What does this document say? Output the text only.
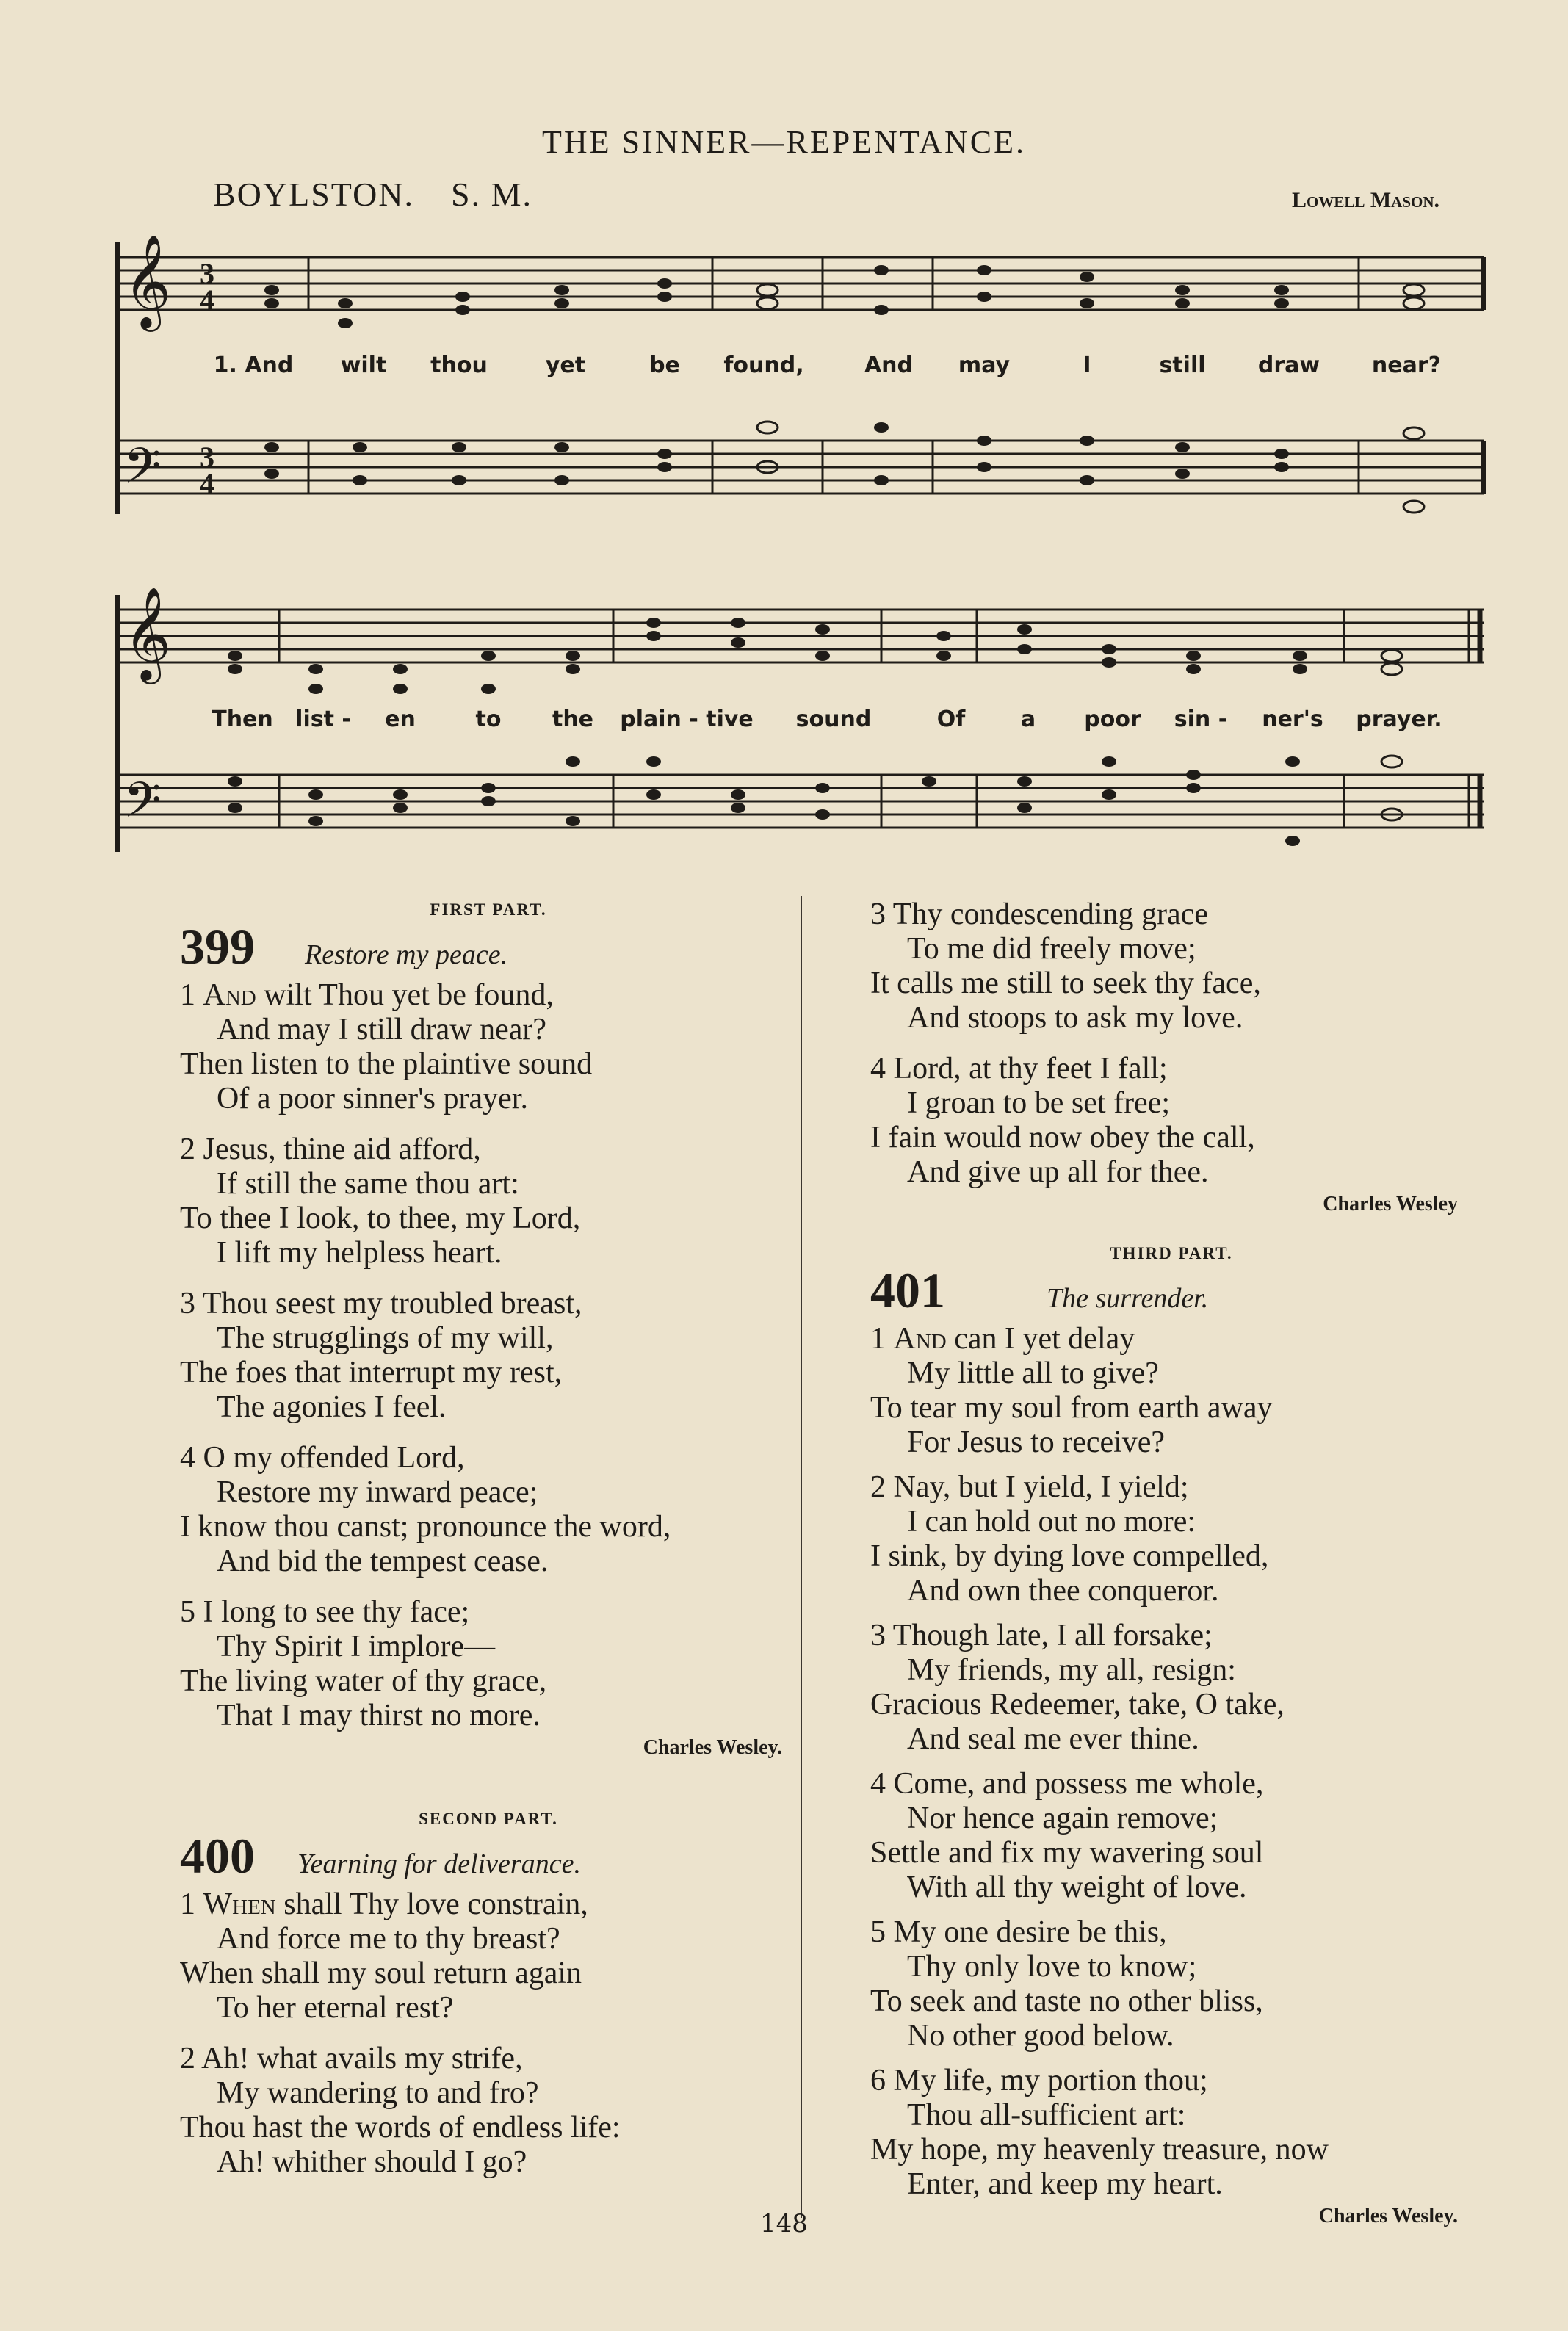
THE SINNER—REPENTANCE.
BOYLSTON. S. M.	Lowell Mason.
𝄞
𝄢
𝄞
𝄢
3
4
3
4
1. And wilt thou	yet	be found,	And may	I	still draw near?
Then list - en	to the plain - tive sound	Of	a poor sin - ner's prayer.
FIRST PART.
399	Restore my peace.
1 And wilt Thou yet be found,
And may I still draw near?
Then listen to the plaintive sound
Of a poor sinner's prayer.
2 Jesus, thine aid afford,
If still the same thou art:
To thee I look, to thee, my Lord,
I lift my helpless heart.
3 Thou seest my troubled breast,
The strugglings of my will,
The foes that interrupt my rest,
The agonies I feel.
4 O my offended Lord,
Restore my inward peace;
I know thou canst; pronounce the word,
And bid the tempest cease.
5 I long to see thy face;
Thy Spirit I implore—
The living water of thy grace,
That I may thirst no more.
Charles Wesley.
SECOND PART.
400	Yearning for deliverance.
1 When shall Thy love constrain,
And force me to thy breast?
When shall my soul return again
To her eternal rest?
2 Ah! what avails my strife,
My wandering to and fro?
Thou hast the words of endless life:
Ah! whither should I go?
3 Thy condescending grace
To me did freely move;
It calls me still to seek thy face,
And stoops to ask my love.
4 Lord, at thy feet I fall;
I groan to be set free;
I fain would now obey the call,
And give up all for thee.
Charles Wesley
THIRD PART.
401	The surrender.
1 And can I yet delay
My little all to give?
To tear my soul from earth away
For Jesus to receive?
2 Nay, but I yield, I yield;
I can hold out no more:
I sink, by dying love compelled,
And own thee conqueror.
3 Though late, I all forsake;
My friends, my all, resign:
Gracious Redeemer, take, O take,
And seal me ever thine.
4 Come, and possess me whole,
Nor hence again remove;
Settle and fix my wavering soul
With all thy weight of love.
5 My one desire be this,
Thy only love to know;
To seek and taste no other bliss,
No other good below.
6 My life, my portion thou;
Thou all-sufficient art:
My hope, my heavenly treasure, now
Enter, and keep my heart.
Charles Wesley.
148
